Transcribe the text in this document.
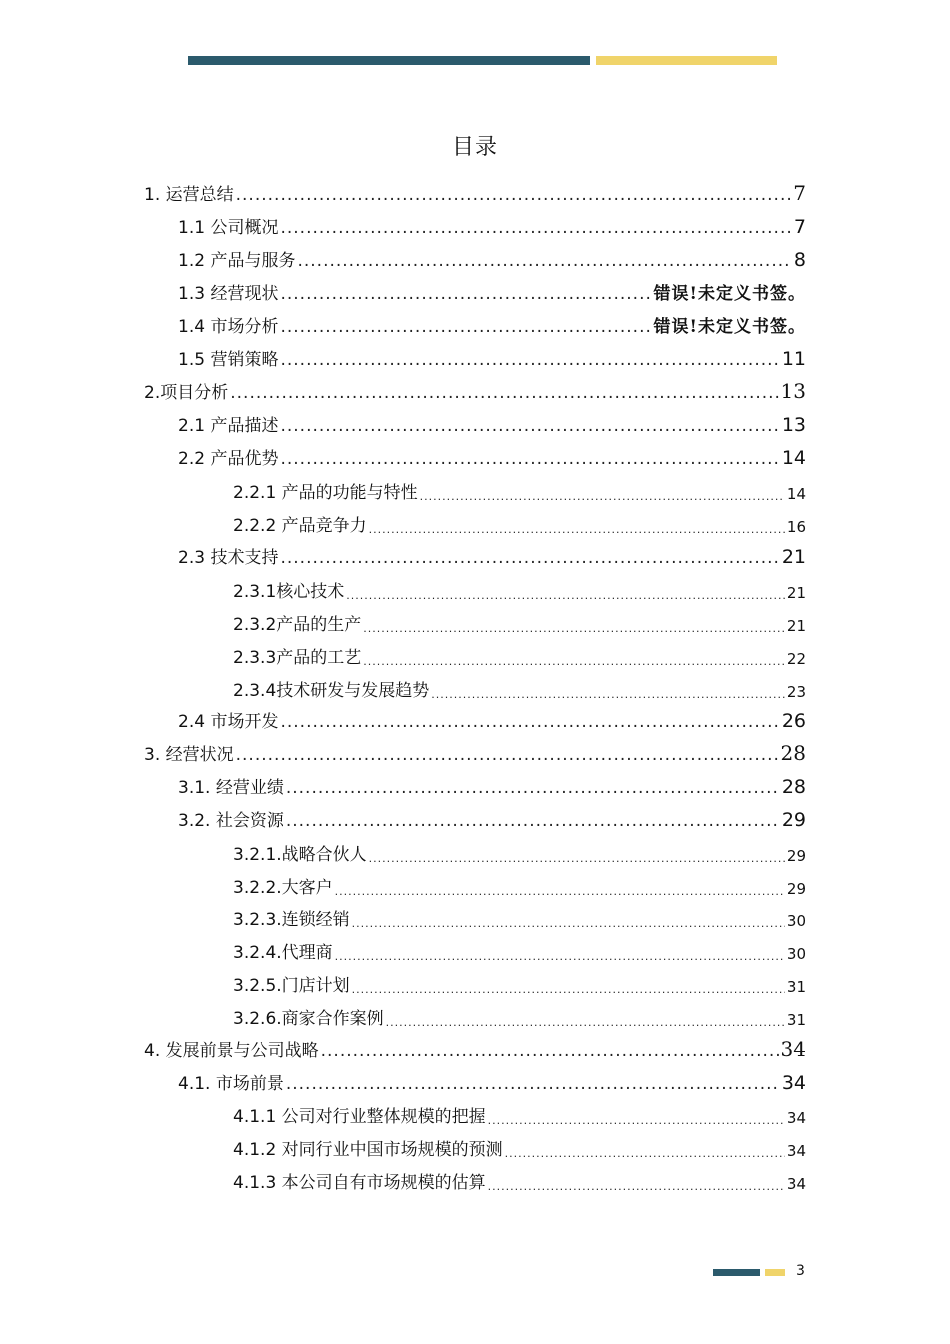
目录
1. 运营总结 .....	7
1.1 公司概况 .....	7
1.2 产品与服务 .....	8
1.3 经营现状 .....	错误!未定义书签。
1.4 市场分析 .....	错误!未定义书签。
1.5 营销策略 .....	11
2.项目分析 .....	13
2.1 产品描述 .....	13
2.2 产品优势 .....	14
2.2.1 产品的功能与特性 .....	14
2.2.2 产品竞争力 .....	16
2.3 技术支持 .....	21
2.3.1核心技术 .....	21
2.3.2产品的生产 .....	21
2.3.3产品的工艺 .....	22
2.3.4技术研发与发展趋势 .....	23
2.4 市场开发 .....	26
3. 经营状况 .....	28
3.1. 经营业绩 .....	28
3.2. 社会资源 .....	29
3.2.1.战略合伙人 .....	29
3.2.2.大客户 .....	29
3.2.3.连锁经销 .....	30
3.2.4.代理商 .....	30
3.2.5.门店计划 .....	31
3.2.6.商家合作案例 .....	31
4. 发展前景与公司战略 .....	34
4.1. 市场前景 .....	34
4.1.1 公司对行业整体规模的把握 .....	34
4.1.2 对同行业中国市场规模的预测 .....	34
4.1.3 本公司自有市场规模的估算 .....	34
3
